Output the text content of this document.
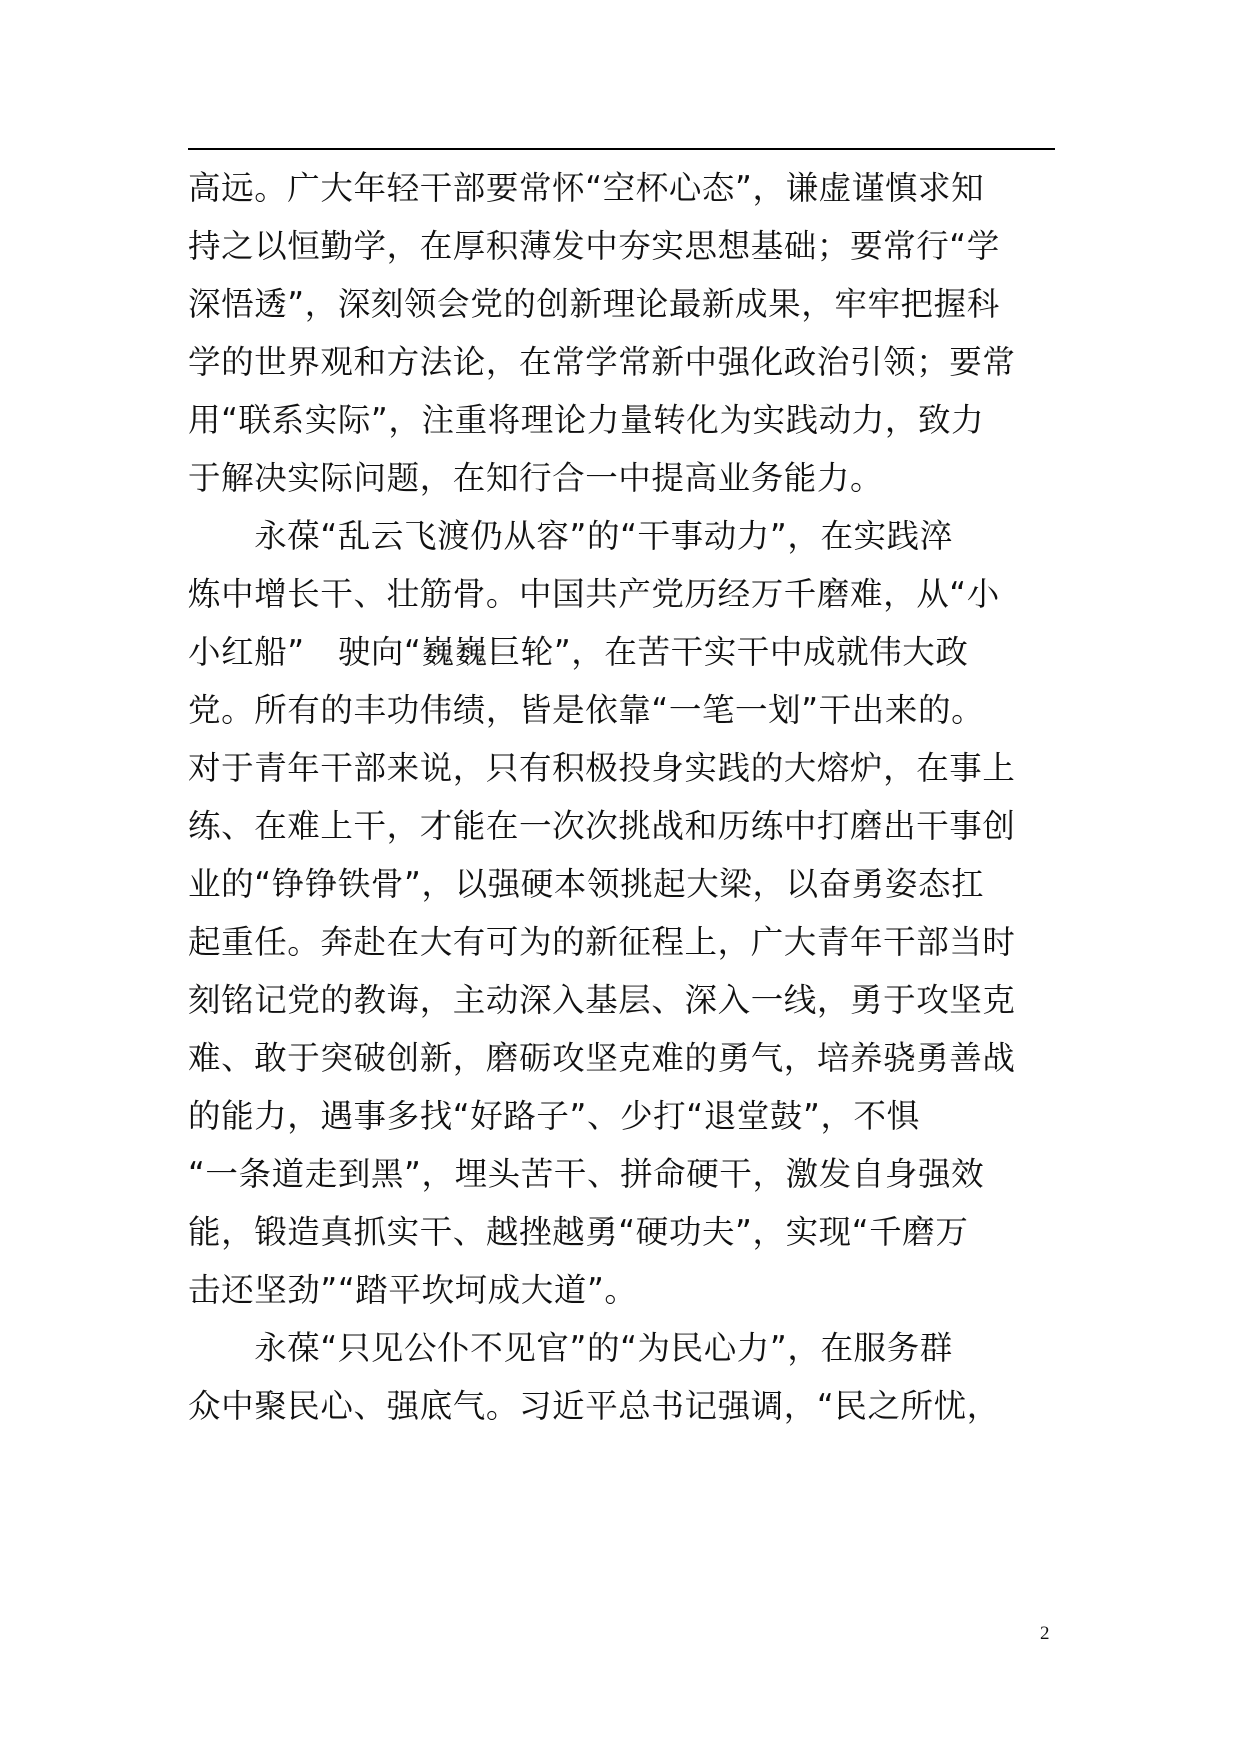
高远。广大年轻干部要常怀“空杯心态”，谦虚谨慎求知
持之以恒勤学，在厚积薄发中夯实思想基础；要常行“学
深悟透”，深刻领会党的创新理论最新成果，牢牢把握科
学的世界观和方法论，在常学常新中强化政治引领；要常
用“联系实际”，注重将理论力量转化为实践动力，致力
于解决实际问题，在知行合一中提高业务能力。
　　永葆“乱云飞渡仍从容”的“干事动力”，在实践淬
炼中增长干、壮筋骨。中国共产党历经万千磨难，从“小
小红船”　驶向“巍巍巨轮”，在苦干实干中成就伟大政
党。所有的丰功伟绩，皆是依靠“一笔一划”干出来的。
对于青年干部来说，只有积极投身实践的大熔炉，在事上
练、在难上干，才能在一次次挑战和历练中打磨出干事创
业的“铮铮铁骨”，以强硬本领挑起大梁，以奋勇姿态扛
起重任。奔赴在大有可为的新征程上，广大青年干部当时
刻铭记党的教诲，主动深入基层、深入一线，勇于攻坚克
难、敢于突破创新，磨砺攻坚克难的勇气，培养骁勇善战
的能力，遇事多找“好路子”、少打“退堂鼓”，不惧
“一条道走到黑”，埋头苦干、拼命硬干，激发自身强效
能，锻造真抓实干、越挫越勇“硬功夫”，实现“千磨万
击还坚劲”“踏平坎坷成大道”。
　　永葆“只见公仆不见官”的“为民心力”，在服务群
众中聚民心、强底气。习近平总书记强调，“民之所忧，
2
